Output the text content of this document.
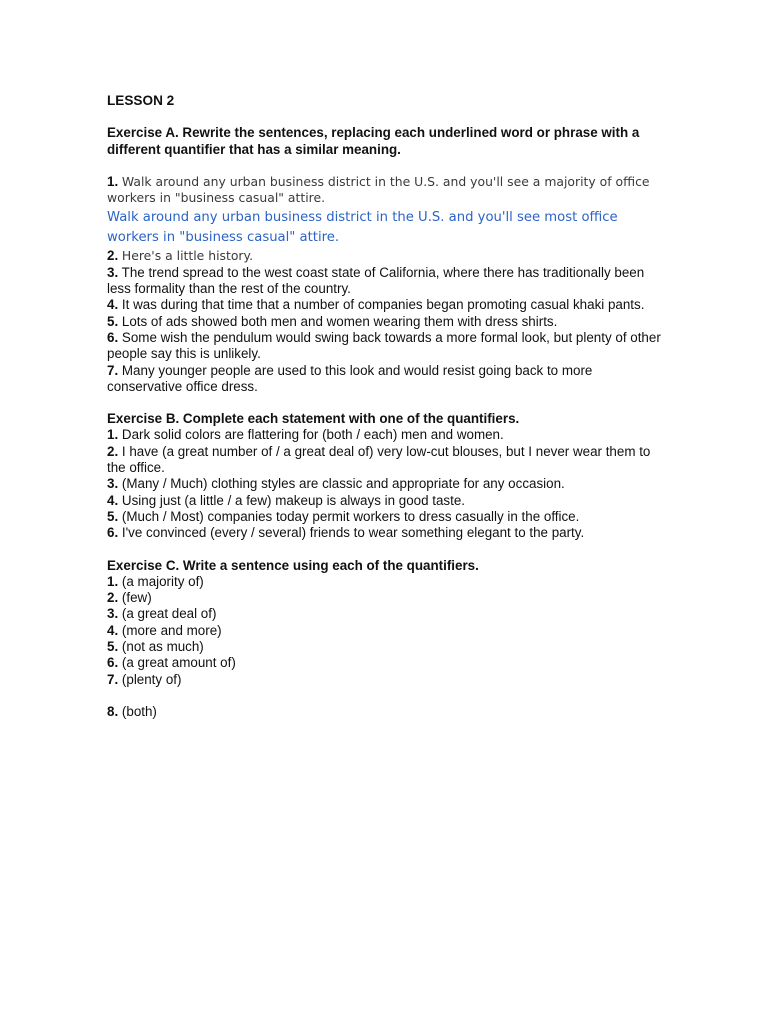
LESSON 2

Exercise A. Rewrite the sentences, replacing each underlined word or phrase with a different quantifier that has a similar meaning.

1. Walk around any urban business district in the U.S. and you'll see a majority of office workers in "business casual" attire.

Walk around any urban business district in the U.S. and you'll see most office workers in "business casual" attire.

2. Here's a little history.

3. The trend spread to the west coast state of California, where there has traditionally been less formality than the rest of the country.

4. It was during that time that a number of companies began promoting casual khaki pants.

5. Lots of ads showed both men and women wearing them with dress shirts.

6. Some wish the pendulum would swing back towards a more formal look, but plenty of other people say this is unlikely.

7. Many younger people are used to this look and would resist going back to more conservative office dress.

Exercise B. Complete each statement with one of the quantifiers.

1. Dark solid colors are flattering for (both / each) men and women.

2. I have (a great number of / a great deal of) very low-cut blouses, but I never wear them to the office.

3. (Many / Much) clothing styles are classic and appropriate for any occasion.

4. Using just (a little / a few) makeup is always in good taste.

5. (Much / Most) companies today permit workers to dress casually in the office.

6. I've convinced (every / several) friends to wear something elegant to the party.

Exercise C. Write a sentence using each of the quantifiers.

1. (a majority of)

2. (few)

3. (a great deal of)

4. (more and more)

5. (not as much)

6. (a great amount of)

7. (plenty of)

8. (both)
